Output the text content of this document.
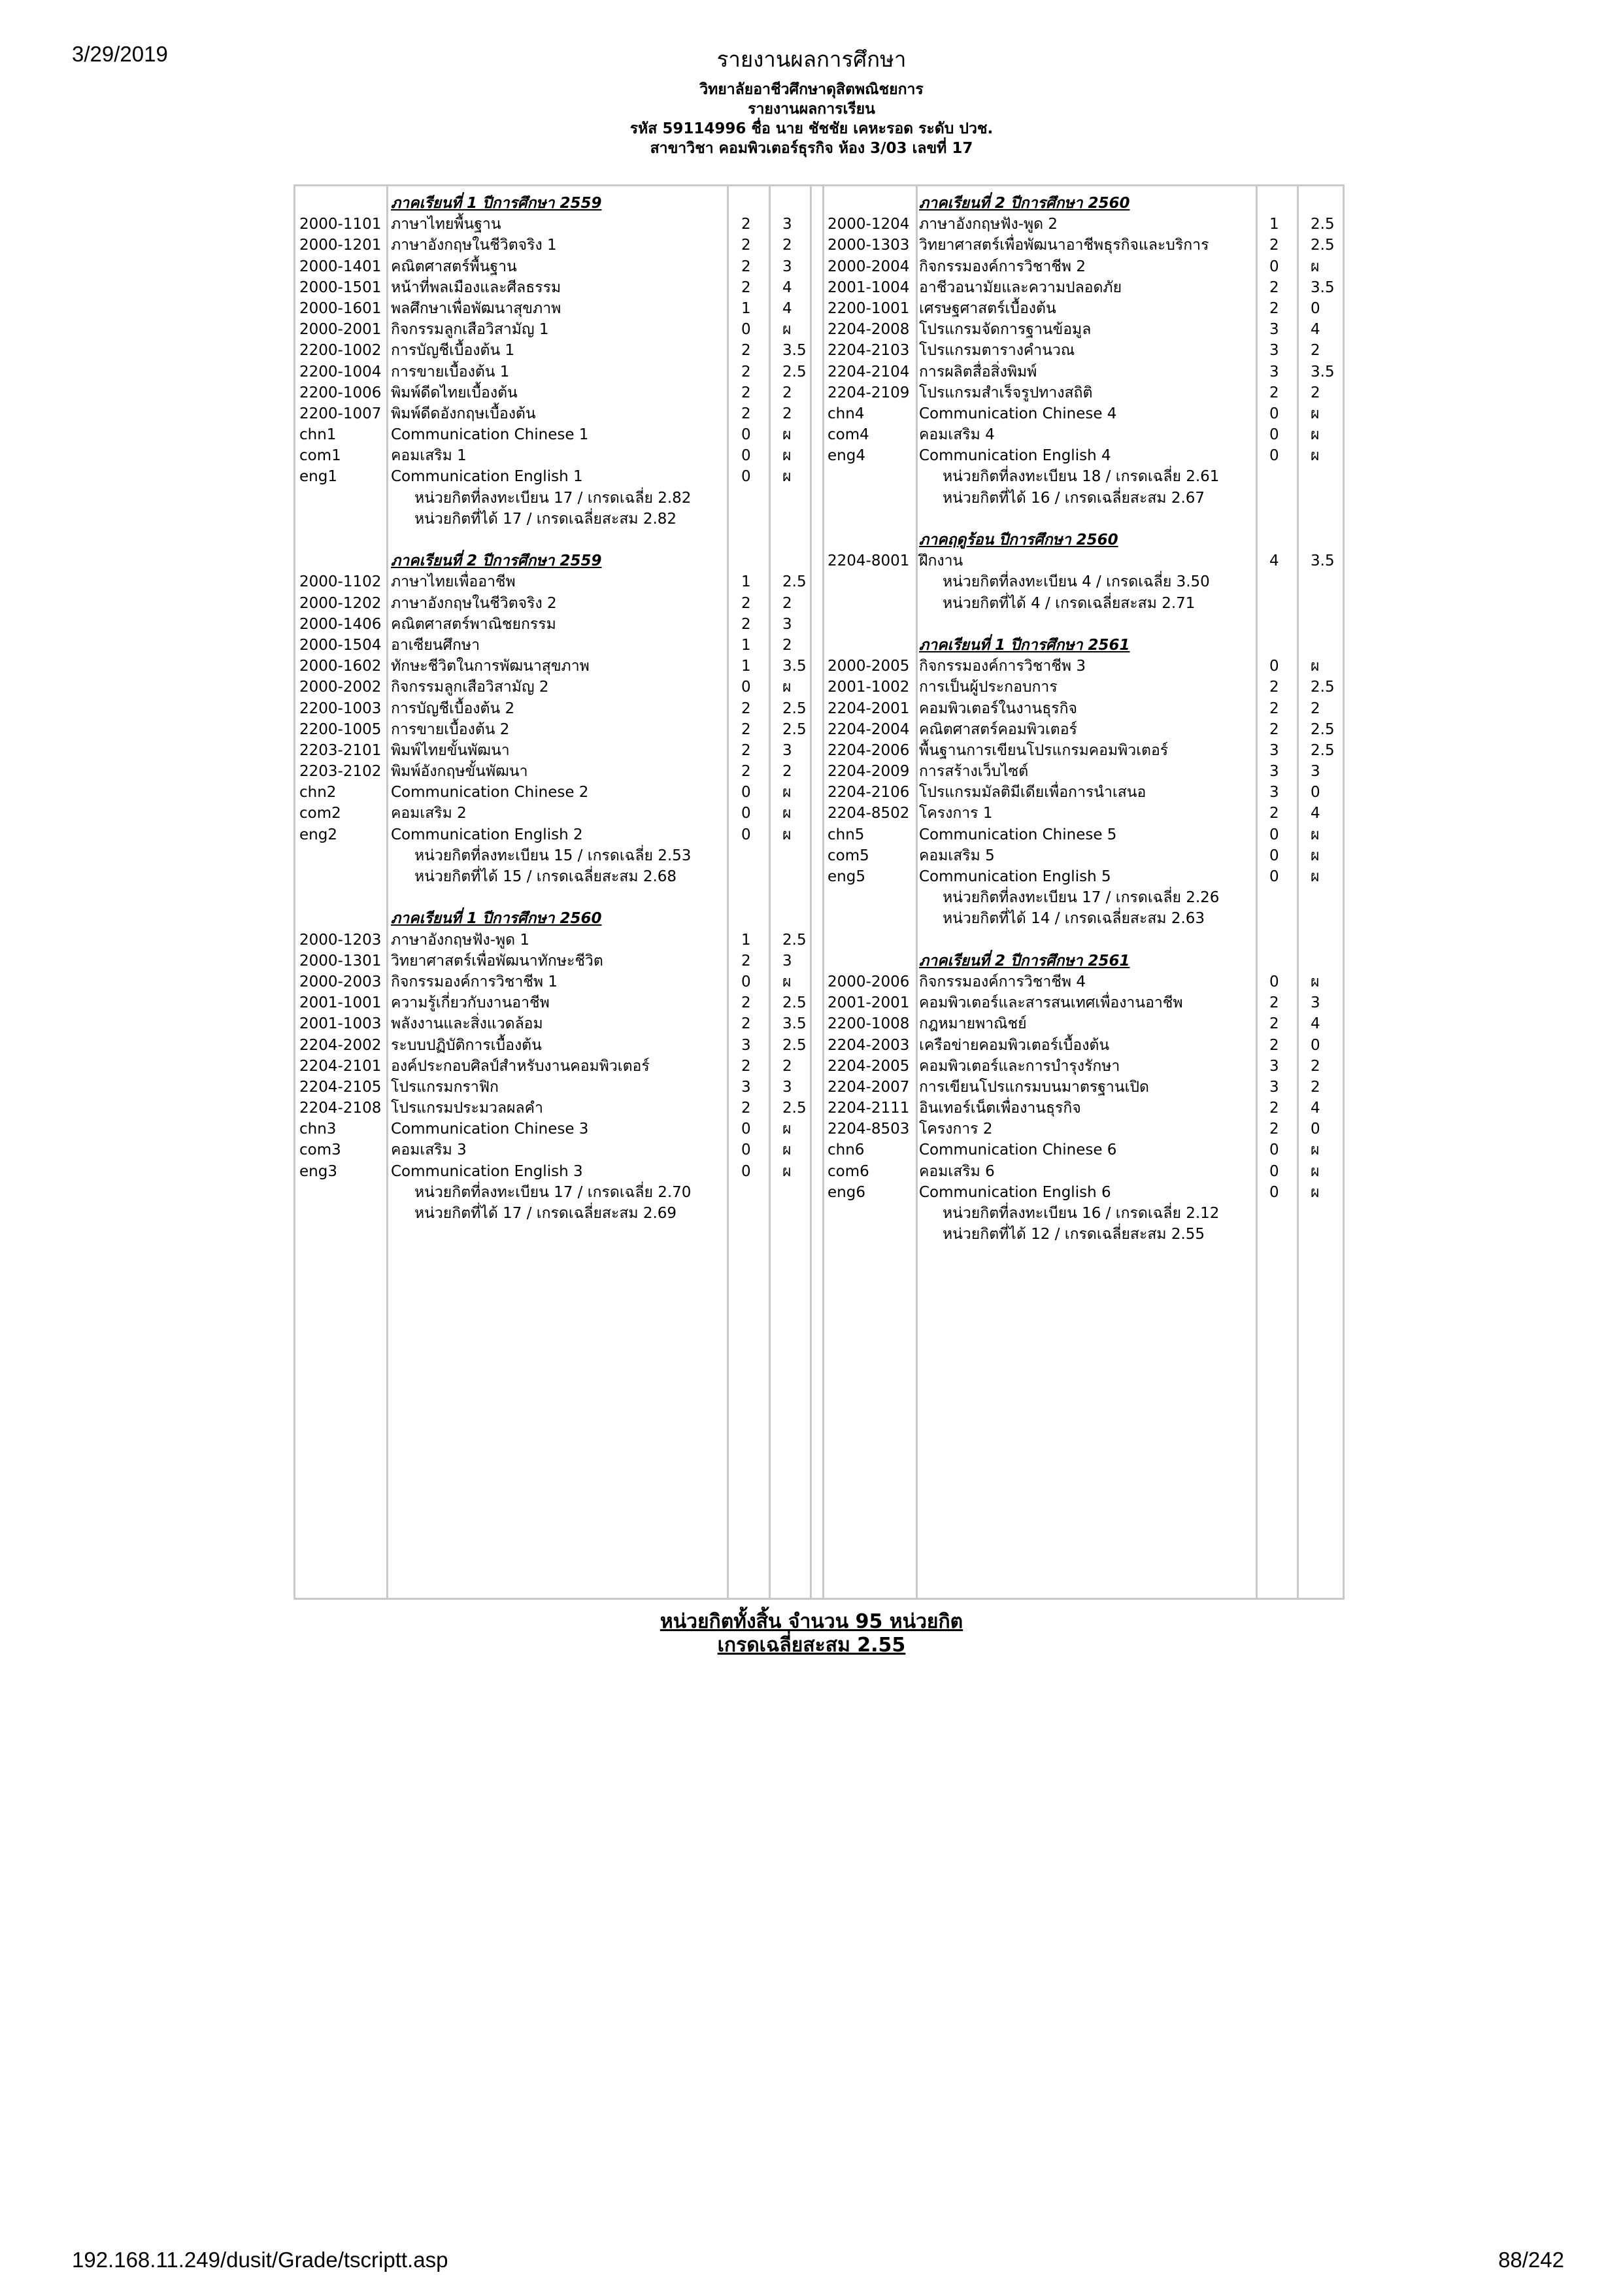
3/29/2019	รายงานผลการศึกษา
วิทยาลัยอาชีวศึกษาดุสิตพณิชยการ
รายงานผลการเรียน
รหัส 59114996 ชื่อ นาย ชัชชัย เคหะรอด ระดับ ปวช.
สาขาวิชา คอมพิวเตอร์ธุรกิจ ห้อง 3/03 เลขที่ 17
ภาคเรียนที่ 1 ปีการศึกษา 2559
2000-1101 ภาษาไทยพื้นฐาน	2 3
2000-1201 ภาษาอังกฤษในชีวิตจริง 1	2 2
2000-1401 คณิตศาสตร์พื้นฐาน	2 3
2000-1501 หน้าที่พลเมืองและศีลธรรม	2 4
2000-1601 พลศึกษาเพื่อพัฒนาสุขภาพ	1 4
2000-2001 กิจกรรมลูกเสือวิสามัญ 1	0 ผ
2200-1002 การบัญชีเบื้องต้น 1	2 3.5
2200-1004 การขายเบื้องต้น 1	2 2.5
2200-1006 พิมพ์ดีดไทยเบื้องต้น	2 2
2200-1007 พิมพ์ดีดอังกฤษเบื้องต้น	2 2
chn1	Communication Chinese 1	0 ผ
com1	คอมเสริม 1	0 ผ
eng1	Communication English 1	0 ผ
หน่วยกิตที่ลงทะเบียน 17 / เกรดเฉลี่ย 2.82
หน่วยกิตที่ได้ 17 / เกรดเฉลี่ยสะสม 2.82
ภาคเรียนที่ 2 ปีการศึกษา 2559
2000-1102 ภาษาไทยเพื่ออาชีพ	1 2.5
2000-1202 ภาษาอังกฤษในชีวิตจริง 2	2 2
2000-1406 คณิตศาสตร์พาณิชยกรรม	2 3
2000-1504 อาเซียนศึกษา	1 2
2000-1602 ทักษะชีวิตในการพัฒนาสุขภาพ	1 3.5
2000-2002 กิจกรรมลูกเสือวิสามัญ 2	0 ผ
2200-1003 การบัญชีเบื้องต้น 2	2 2.5
2200-1005 การขายเบื้องต้น 2	2 2.5
2203-2101 พิมพ์ไทยขั้นพัฒนา	2 3
2203-2102 พิมพ์อังกฤษขั้นพัฒนา	2 2
chn2	Communication Chinese 2	0 ผ
com2	คอมเสริม 2	0 ผ
eng2	Communication English 2	0 ผ
หน่วยกิตที่ลงทะเบียน 15 / เกรดเฉลี่ย 2.53
หน่วยกิตที่ได้ 15 / เกรดเฉลี่ยสะสม 2.68
ภาคเรียนที่ 1 ปีการศึกษา 2560
2000-1203 ภาษาอังกฤษฟัง-พูด 1	1 2.5
2000-1301 วิทยาศาสตร์เพื่อพัฒนาทักษะชีวิต	2 3
2000-2003 กิจกรรมองค์การวิชาชีพ 1	0 ผ
2001-1001 ความรู้เกี่ยวกับงานอาชีพ	2 2.5
2001-1003 พลังงานและสิ่งแวดล้อม	2 3.5
2204-2002 ระบบปฏิบัติการเบื้องต้น	3 2.5
2204-2101 องค์ประกอบศิลป์สำหรับงานคอมพิวเตอร์	2 2
2204-2105 โปรแกรมกราฟิก	3 3
2204-2108 โปรแกรมประมวลผลคำ	2 2.5
chn3	Communication Chinese 3	0 ผ
com3	คอมเสริม 3	0 ผ
eng3	Communication English 3	0 ผ
หน่วยกิตที่ลงทะเบียน 17 / เกรดเฉลี่ย 2.70
หน่วยกิตที่ได้ 17 / เกรดเฉลี่ยสะสม 2.69
ภาคเรียนที่ 2 ปีการศึกษา 2560
2000-1204 ภาษาอังกฤษฟัง-พูด 2	1 2.5
2000-1303 วิทยาศาสตร์เพื่อพัฒนาอาชีพธุรกิจและบริการ	2 2.5
2000-2004 กิจกรรมองค์การวิชาชีพ 2	0 ผ
2001-1004 อาชีวอนามัยและความปลอดภัย	2 3.5
2200-1001 เศรษฐศาสตร์เบื้องต้น	2 0
2204-2008 โปรแกรมจัดการฐานข้อมูล	3 4
2204-2103 โปรแกรมตารางคำนวณ	3 2
2204-2104 การผลิตสื่อสิ่งพิมพ์	3 3.5
2204-2109 โปรแกรมสำเร็จรูปทางสถิติ	2 2
chn4	Communication Chinese 4	0 ผ
com4	คอมเสริม 4	0 ผ
eng4	Communication English 4	0 ผ
หน่วยกิตที่ลงทะเบียน 18 / เกรดเฉลี่ย 2.61
หน่วยกิตที่ได้ 16 / เกรดเฉลี่ยสะสม 2.67
ภาคฤดูร้อน ปีการศึกษา 2560
2204-8001 ฝึกงาน	4 3.5
หน่วยกิตที่ลงทะเบียน 4 / เกรดเฉลี่ย 3.50
หน่วยกิตที่ได้ 4 / เกรดเฉลี่ยสะสม 2.71
ภาคเรียนที่ 1 ปีการศึกษา 2561
2000-2005 กิจกรรมองค์การวิชาชีพ 3	0 ผ
2001-1002 การเป็นผู้ประกอบการ	2 2.5
2204-2001 คอมพิวเตอร์ในงานธุรกิจ	2 2
2204-2004 คณิตศาสตร์คอมพิวเตอร์	2 2.5
2204-2006 พื้นฐานการเขียนโปรแกรมคอมพิวเตอร์	3 2.5
2204-2009 การสร้างเว็บไซต์	3 3
2204-2106 โปรแกรมมัลติมีเดียเพื่อการนำเสนอ	3 0
2204-8502 โครงการ 1	2 4
chn5	Communication Chinese 5	0 ผ
com5	คอมเสริม 5	0 ผ
eng5	Communication English 5	0 ผ
หน่วยกิตที่ลงทะเบียน 17 / เกรดเฉลี่ย 2.26
หน่วยกิตที่ได้ 14 / เกรดเฉลี่ยสะสม 2.63
ภาคเรียนที่ 2 ปีการศึกษา 2561
2000-2006 กิจกรรมองค์การวิชาชีพ 4	0 ผ
2001-2001 คอมพิวเตอร์และสารสนเทศเพื่องานอาชีพ	2 3
2200-1008 กฎหมายพาณิชย์	2 4
2204-2003 เครือข่ายคอมพิวเตอร์เบื้องต้น	2 0
2204-2005 คอมพิวเตอร์และการบำรุงรักษา	3 2
2204-2007 การเขียนโปรแกรมบนมาตรฐานเปิด	3 2
2204-2111 อินเทอร์เน็ตเพื่องานธุรกิจ	2 4
2204-8503 โครงการ 2	2 0
chn6	Communication Chinese 6	0 ผ
com6	คอมเสริม 6	0 ผ
eng6	Communication English 6	0 ผ
หน่วยกิตที่ลงทะเบียน 16 / เกรดเฉลี่ย 2.12
หน่วยกิตที่ได้ 12 / เกรดเฉลี่ยสะสม 2.55
หน่วยกิตทั้งสิ้น จำนวน 95 หน่วยกิต
เกรดเฉลี่ยสะสม 2.55
192.168.11.249/dusit/Grade/tscriptt.asp	88/242
